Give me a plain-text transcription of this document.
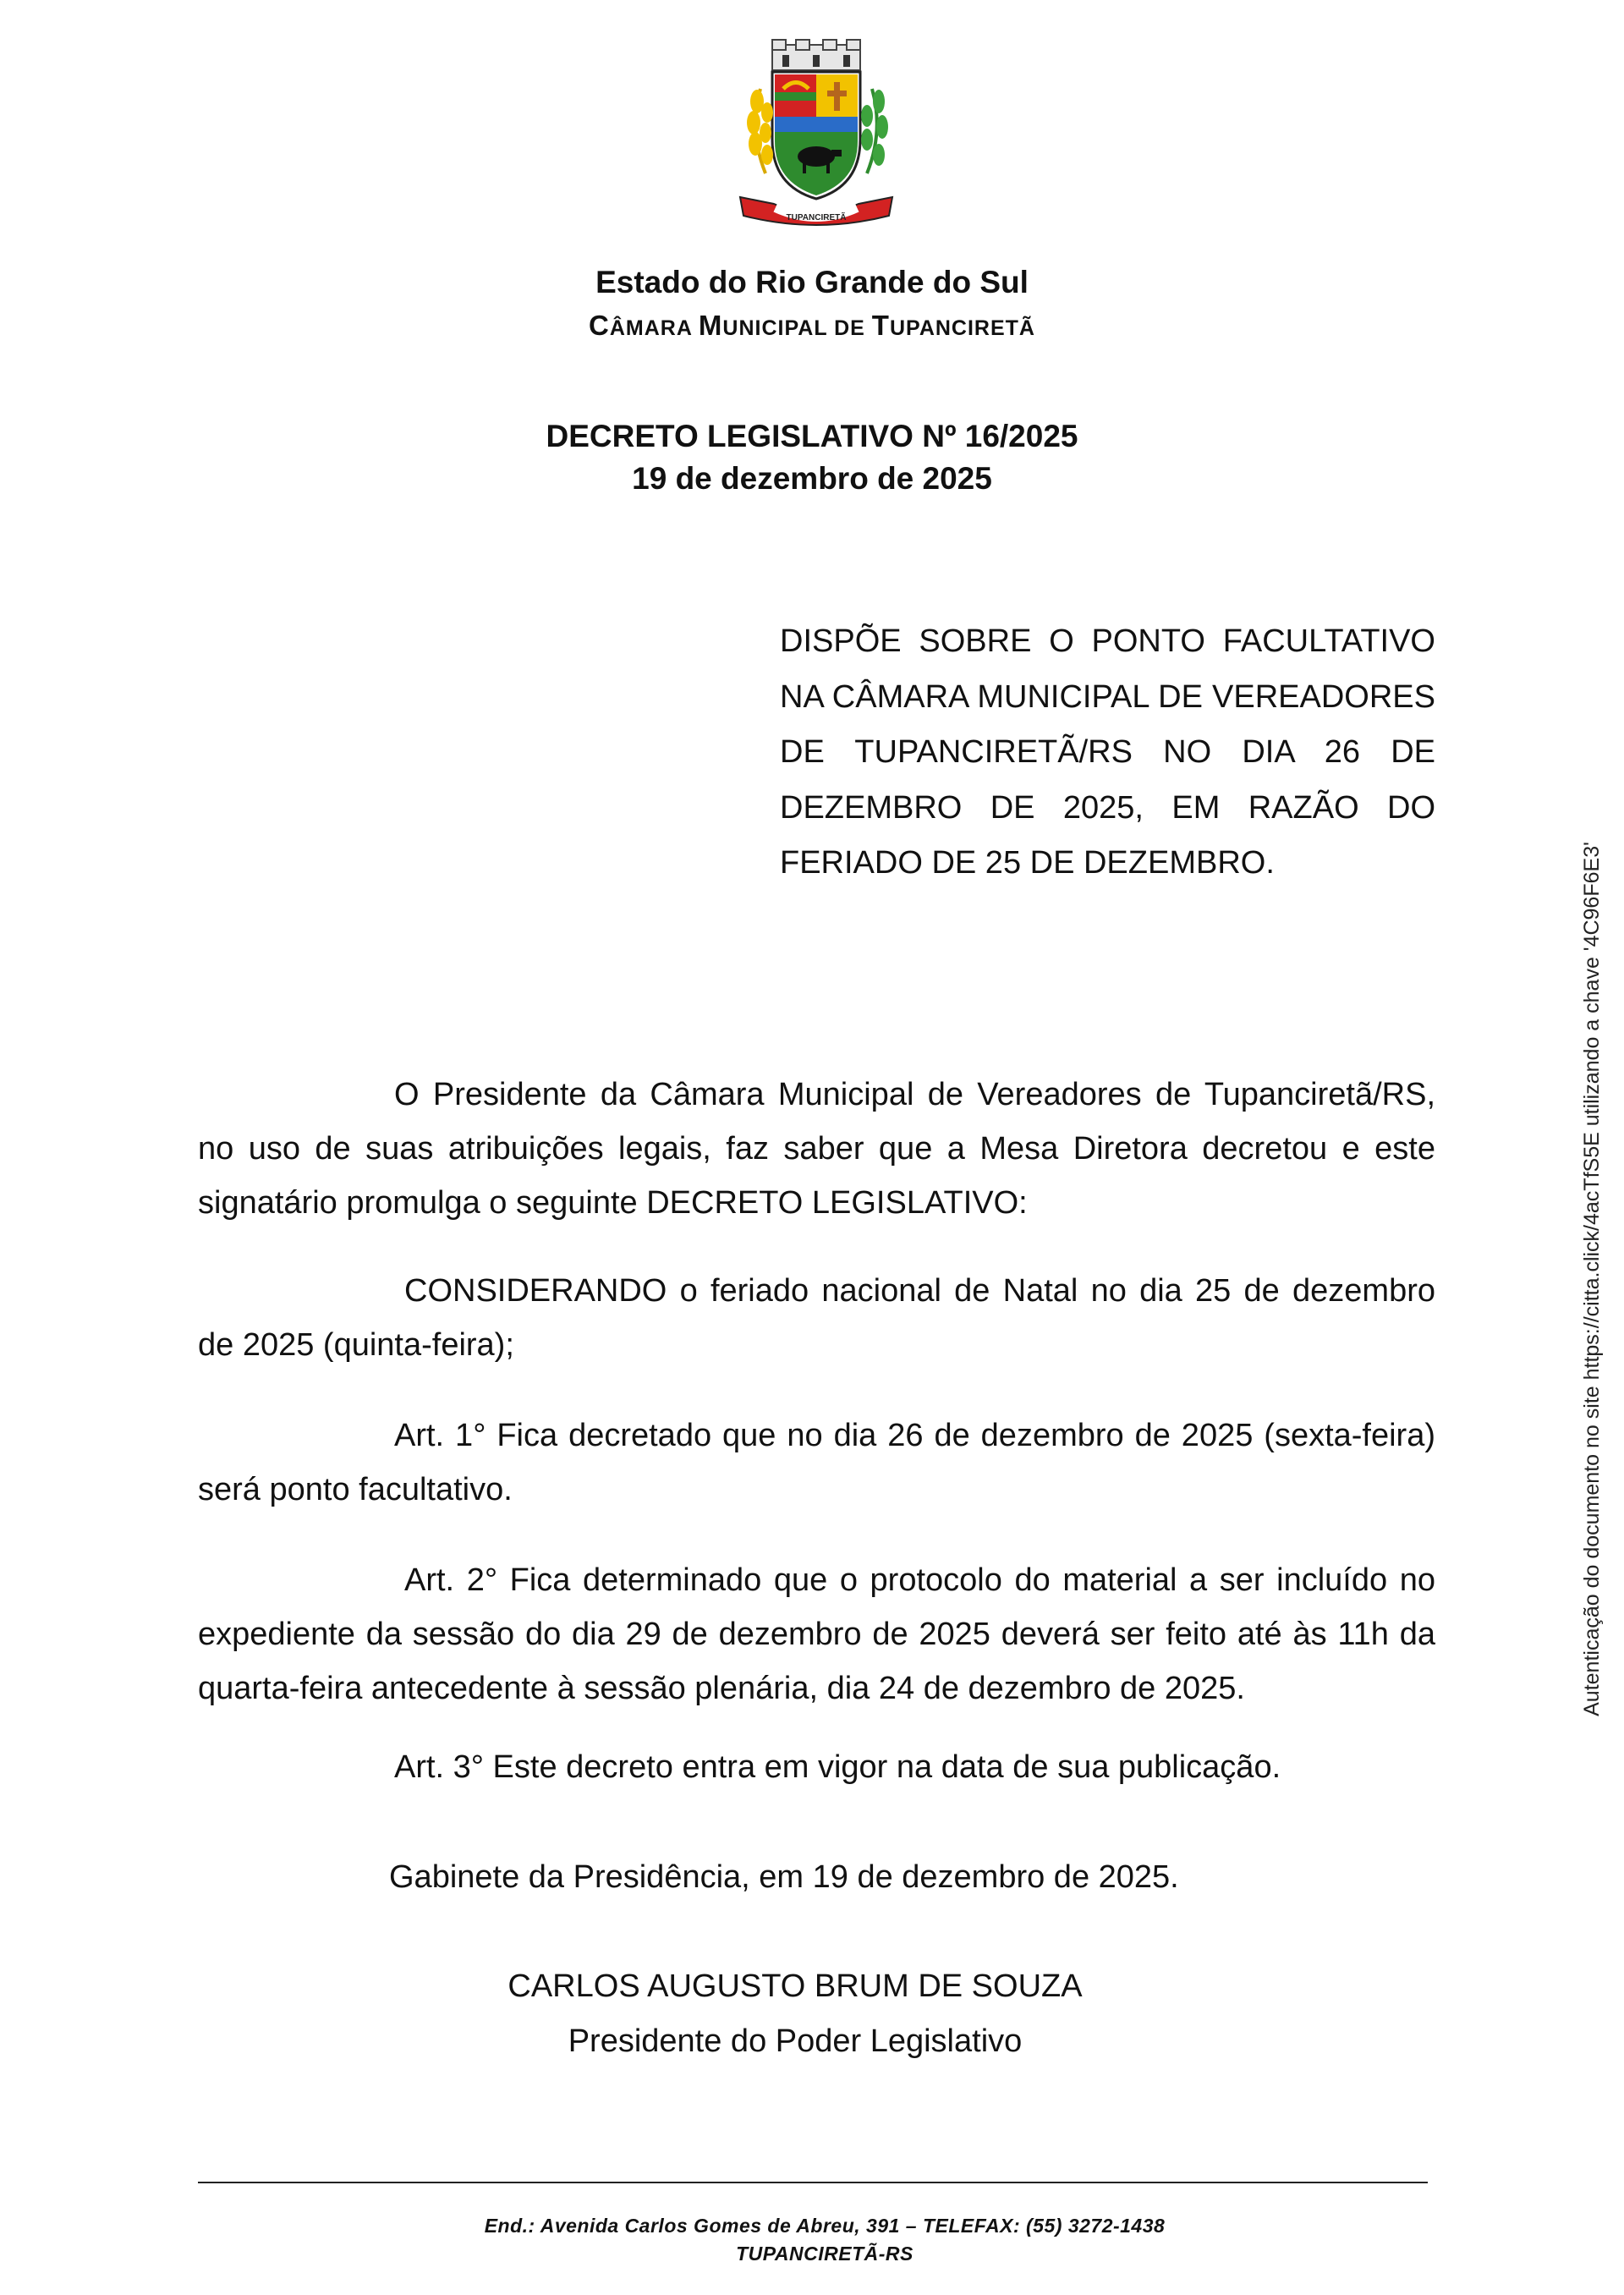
TUPANCIRETÃ
Estado do Rio Grande do Sul
CÂMARA MUNICIPAL DE TUPANCIRETÃ
DECRETO LEGISLATIVO Nº 16/2025
19 de dezembro de 2025
DISPÕE SOBRE O PONTO FACULTATIVO NA CÂMARA MUNICIPAL DE VEREADORES DE TUPANCIRETÃ/RS NO DIA 26 DE DEZEMBRO DE 2025, EM RAZÃO DO FERIADO DE 25 DE DEZEMBRO.
O Presidente da Câmara Municipal de Vereadores de Tupanciretã/RS, no uso de suas atribuições legais, faz saber que a Mesa Diretora decretou e este signatário promulga o seguinte DECRETO LEGISLATIVO:
CONSIDERANDO o feriado nacional de Natal no dia 25 de dezembro de 2025 (quinta-feira);
Art. 1° Fica decretado que no dia 26 de dezembro de 2025 (sexta-feira) será ponto facultativo.
Art. 2° Fica determinado que o protocolo do material a ser incluído no expediente da sessão do dia 29 de dezembro de 2025 deverá ser feito até às 11h da quarta-feira antecedente à sessão plenária, dia 24 de dezembro de 2025.
Art. 3° Este decreto entra em vigor na data de sua publicação.
Gabinete da Presidência, em 19 de dezembro de 2025.
CARLOS AUGUSTO BRUM DE SOUZA
Presidente do Poder Legislativo
End.: Avenida Carlos Gomes de Abreu, 391 – TELEFAX: (55) 3272-1438
TUPANCIRETÃ-RS
Autenticação do documento no site https://citta.click/4acTfS5E utilizando a chave '4C96F6E3'
